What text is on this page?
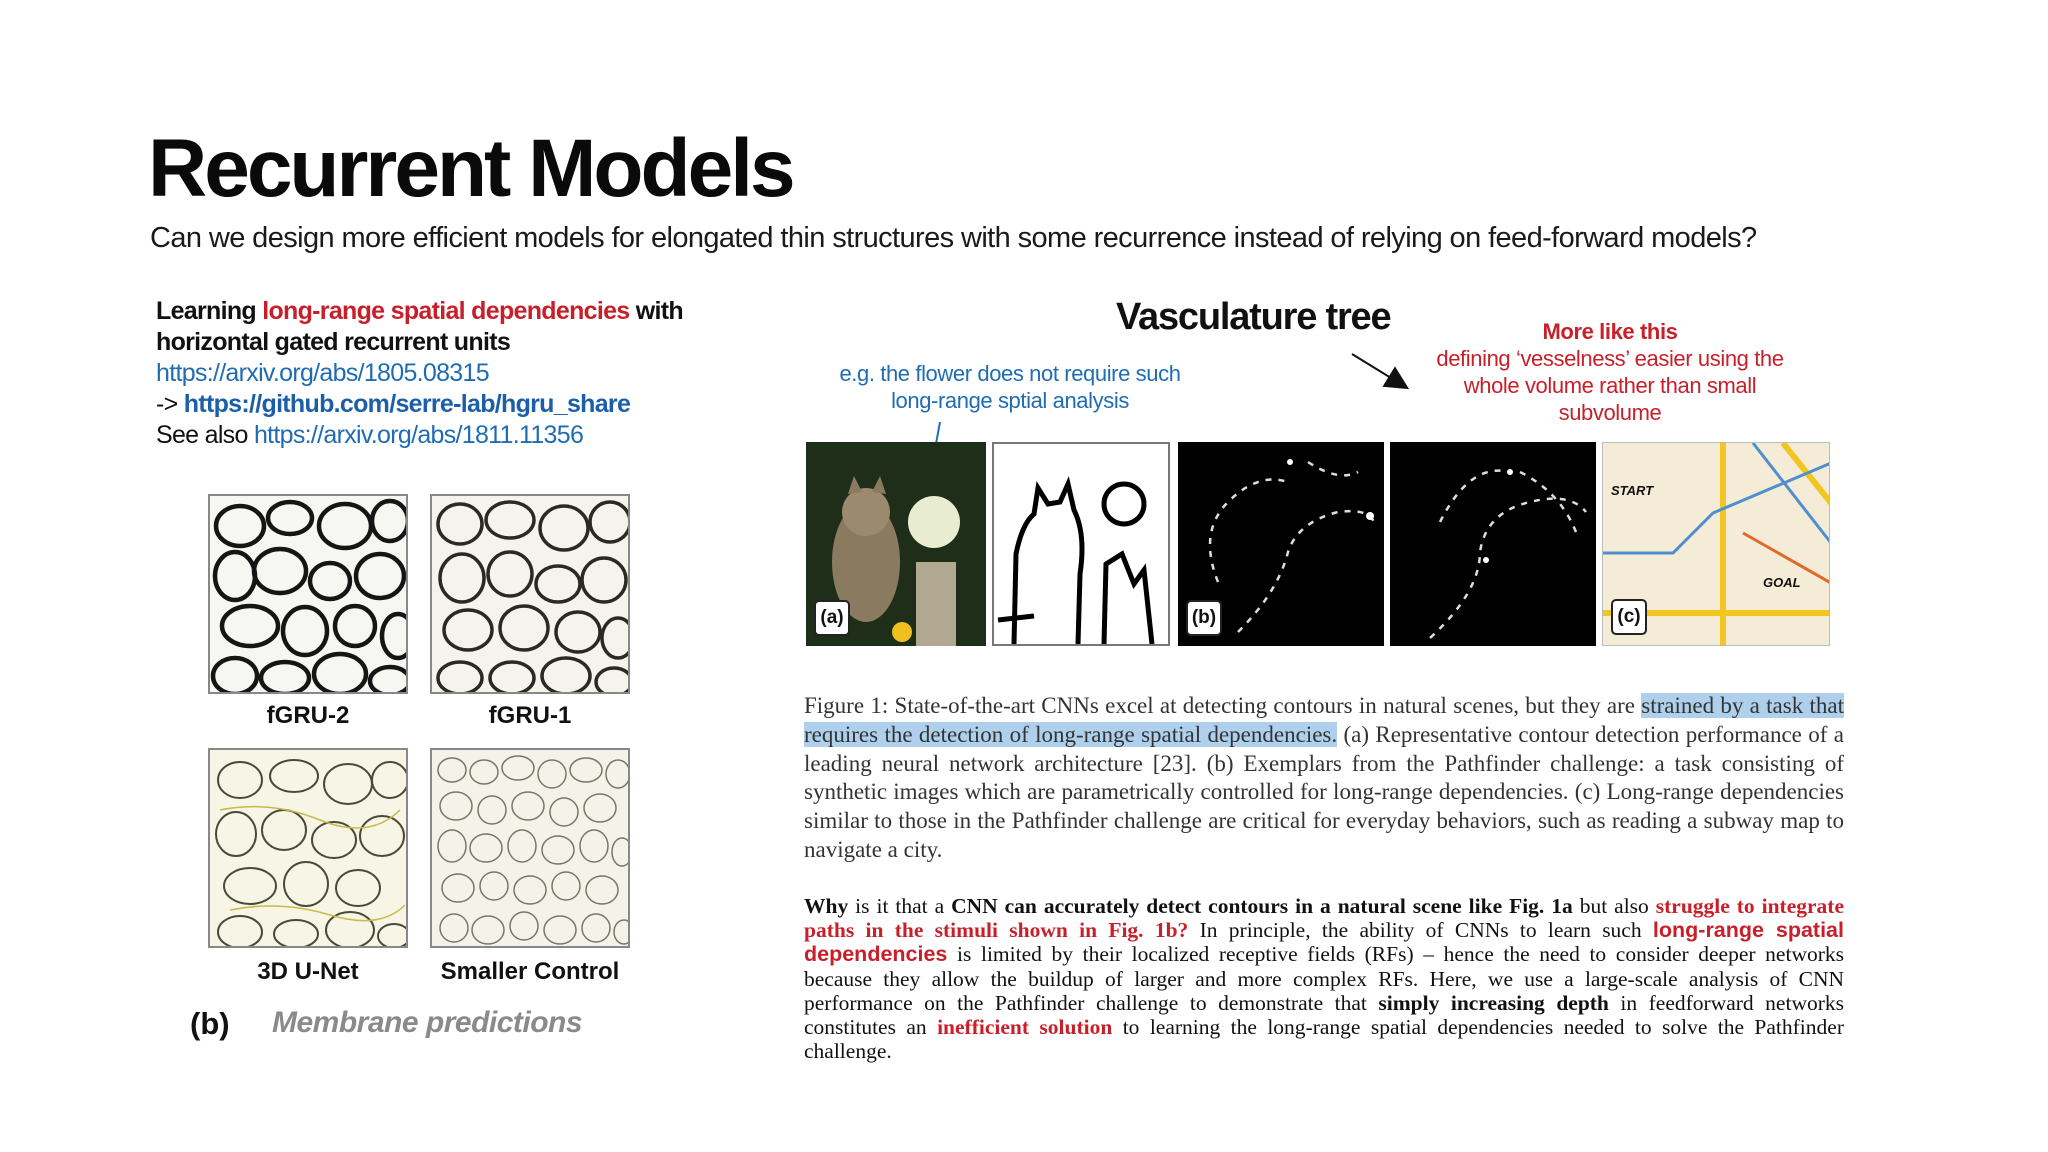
Recurrent Models
Can we design more efficient models for elongated thin structures with some recurrence instead of relying on feed-forward models?
Learning long-range spatial dependencies with
horizontal gated recurrent units
https://arxiv.org/abs/1805.08315
-> https://github.com/serre-lab/hgru_share
See also https://arxiv.org/abs/1811.11356
fGRU-2	fGRU-1
3D U-Net	Smaller Control
(b) Membrane predictions
Vasculature tree
e.g. the flower does not require such long-range sptial analysis
More like this
defining ‘vesselness’ easier using the whole volume rather than small subvolume
(a)	(b)
START
GOAL
(c)
Figure 1: State-of-the-art CNNs excel at detecting contours in natural scenes, but they are strained by a task that requires the detection of long-range spatial dependencies. (a) Representative contour detection performance of a leading neural network architecture [23]. (b) Exemplars from the Pathfinder challenge: a task consisting of synthetic images which are parametrically controlled for long-range dependencies. (c) Long-range dependencies similar to those in the Pathfinder challenge are critical for everyday behaviors, such as reading a subway map to navigate a city.
Why is it that a CNN can accurately detect contours in a natural scene like Fig. 1a but also struggle to integrate paths in the stimuli shown in Fig. 1b? In principle, the ability of CNNs to learn such long-range spatial dependencies is limited by their localized receptive fields (RFs) – hence the need to consider deeper networks because they allow the buildup of larger and more complex RFs. Here, we use a large-scale analysis of CNN performance on the Pathfinder challenge to demonstrate that simply increasing depth in feedforward networks constitutes an inefficient solution to learning the long-range spatial dependencies needed to solve the Pathfinder challenge.
